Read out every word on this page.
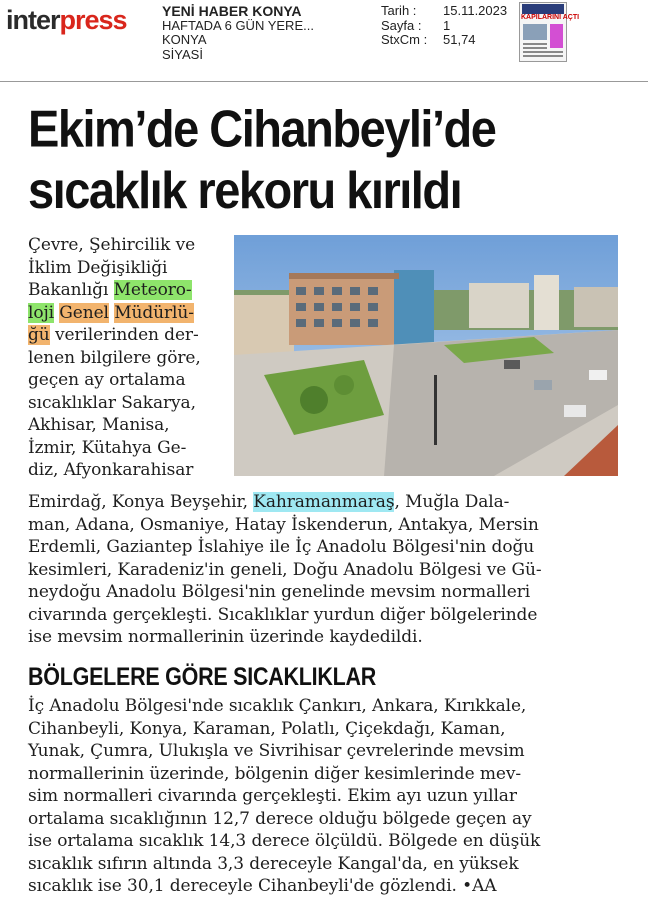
interpress	YENİ HABER KONYA
HAFTADA 6 GÜN YERE...
KONYA
SİYASİ
Tarih : 15.11.2023
Sayfa : 1
StxCm : 51,74
KAPILARINI AÇTI
Ekim’de Cihanbeyli’de
sıcaklık rekoru kırıldı
Çevre, Şehircilik ve
İklim Değişikliği
Bakanlığı Meteoro-
loji Genel Müdürlü-
ğü verilerinden der-
lenen bilgilere göre,
geçen ay ortalama
sıcaklıklar Sakarya,
Akhisar, Manisa,
İzmir, Kütahya Ge-
diz, Afyonkarahisar
Emirdağ, Konya Beyşehir, Kahramanmaraş, Muğla Dala-
man, Adana, Osmaniye, Hatay İskenderun, Antakya, Mersin
Erdemli, Gaziantep İslahiye ile İç Anadolu Bölgesi'nin doğu
kesimleri, Karadeniz'in geneli, Doğu Anadolu Bölgesi ve Gü-
neydoğu Anadolu Bölgesi'nin genelinde mevsim normalleri
civarında gerçekleşti. Sıcaklıklar yurdun diğer bölgelerinde
ise mevsim normallerinin üzerinde kaydedildi.
BÖLGELERE GÖRE SICAKLIKLAR
İç Anadolu Bölgesi'nde sıcaklık Çankırı, Ankara, Kırıkkale,
Cihanbeyli, Konya, Karaman, Polatlı, Çiçekdağı, Kaman,
Yunak, Çumra, Ulukışla ve Sivrihisar çevrelerinde mevsim
normallerinin üzerinde, bölgenin diğer kesimlerinde mev-
sim normalleri civarında gerçekleşti. Ekim ayı uzun yıllar
ortalama sıcaklığının 12,7 derece olduğu bölgede geçen ay
ise ortalama sıcaklık 14,3 derece ölçüldü. Bölgede en düşük
sıcaklık sıfırın altında 3,3 dereceyle Kangal'da, en yüksek
sıcaklık ise 30,1 dereceyle Cihanbeyli'de gözlendi. •AA
